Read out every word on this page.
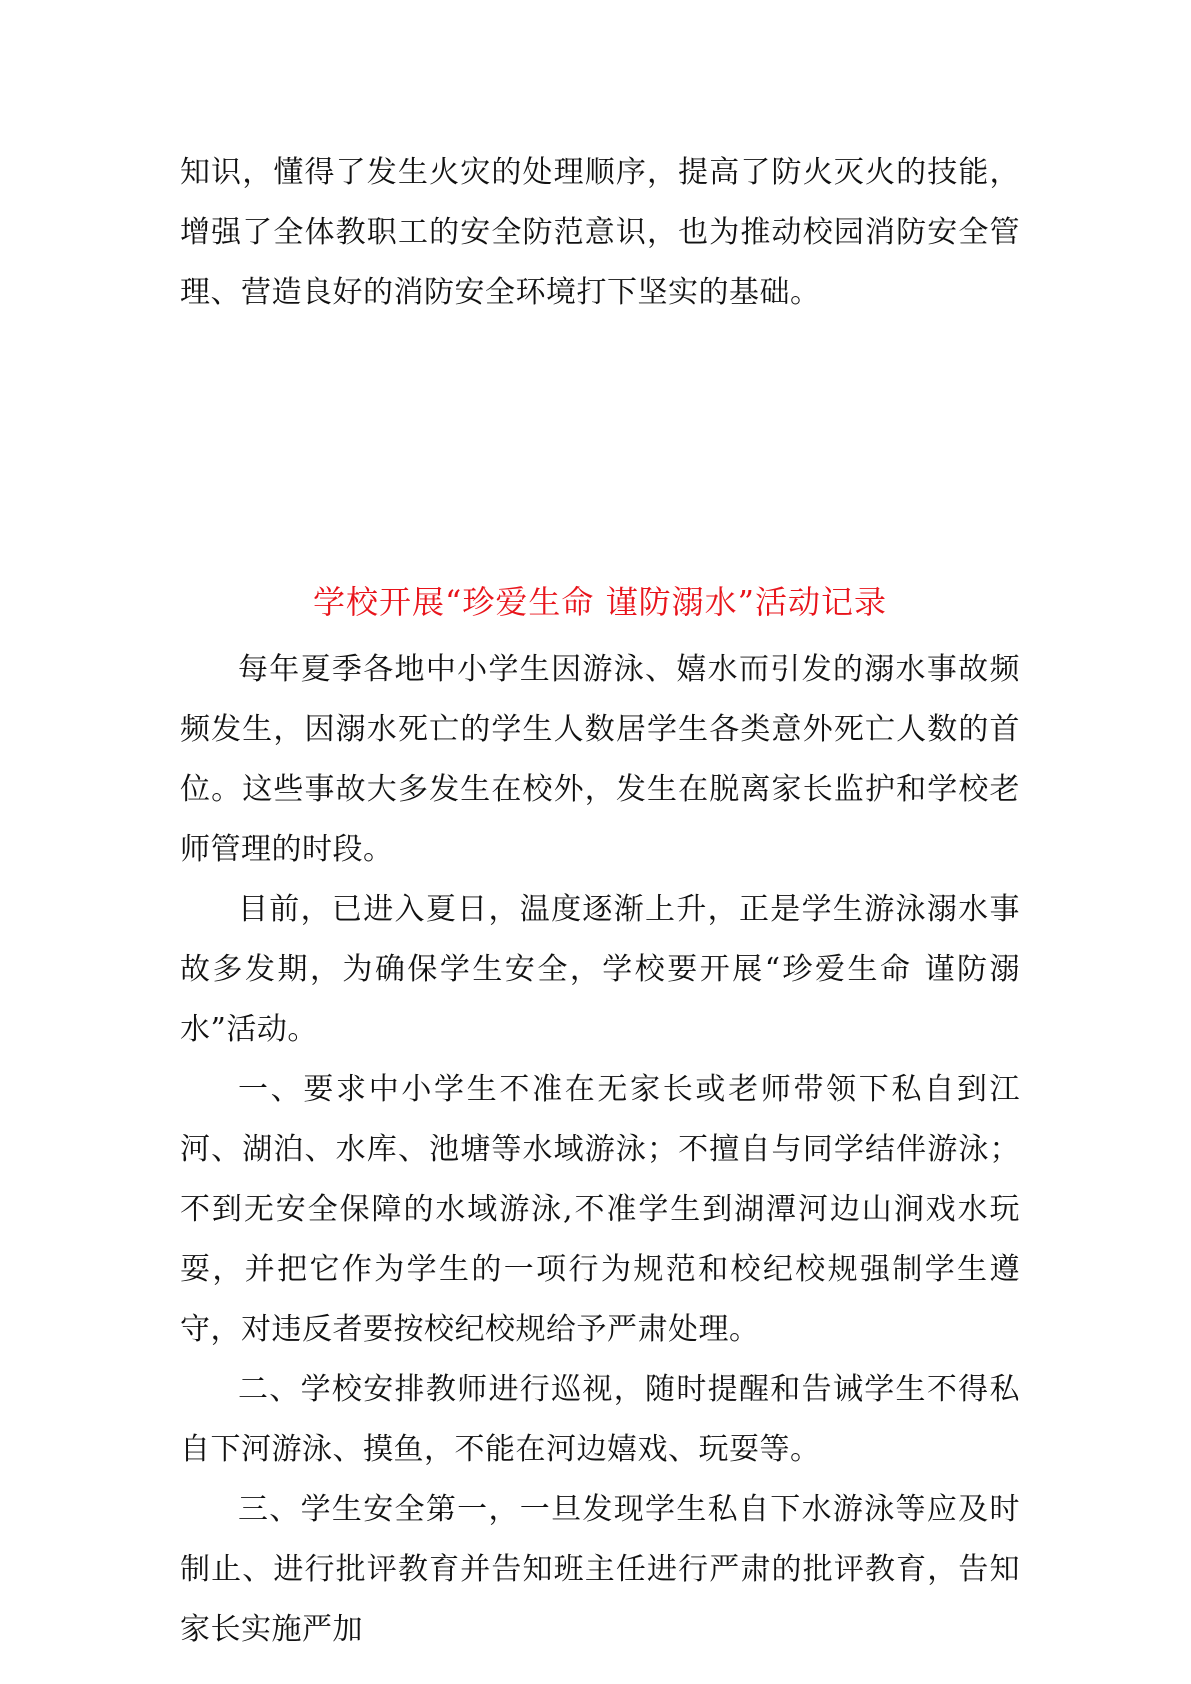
知识，懂得了发生火灾的处理顺序，提高了防火灭火的技能，增强了全体教职工的安全防范意识，也为推动校园消防安全管理、营造良好的消防安全环境打下坚实的基础。

学校开展“珍爱生命 谨防溺水”活动记录

每年夏季各地中小学生因游泳、嬉水而引发的溺水事故频频发生，因溺水死亡的学生人数居学生各类意外死亡人数的首位。这些事故大多发生在校外，发生在脱离家长监护和学校老师管理的时段。

目前，已进入夏日，温度逐渐上升，正是学生游泳溺水事故多发期，为确保学生安全，学校要开展“珍爱生命 谨防溺水”活动。

一、要求中小学生不准在无家长或老师带领下私自到江河、湖泊、水库、池塘等水域游泳；不擅自与同学结伴游泳；不到无安全保障的水域游泳,不准学生到湖潭河边山涧戏水玩耍，并把它作为学生的一项行为规范和校纪校规强制学生遵守，对违反者要按校纪校规给予严肃处理。

二、学校安排教师进行巡视，随时提醒和告诫学生不得私自下河游泳、摸鱼，不能在河边嬉戏、玩耍等。

三、学生安全第一，一旦发现学生私自下水游泳等应及时制止、进行批评教育并告知班主任进行严肃的批评教育，告知家长实施严加
